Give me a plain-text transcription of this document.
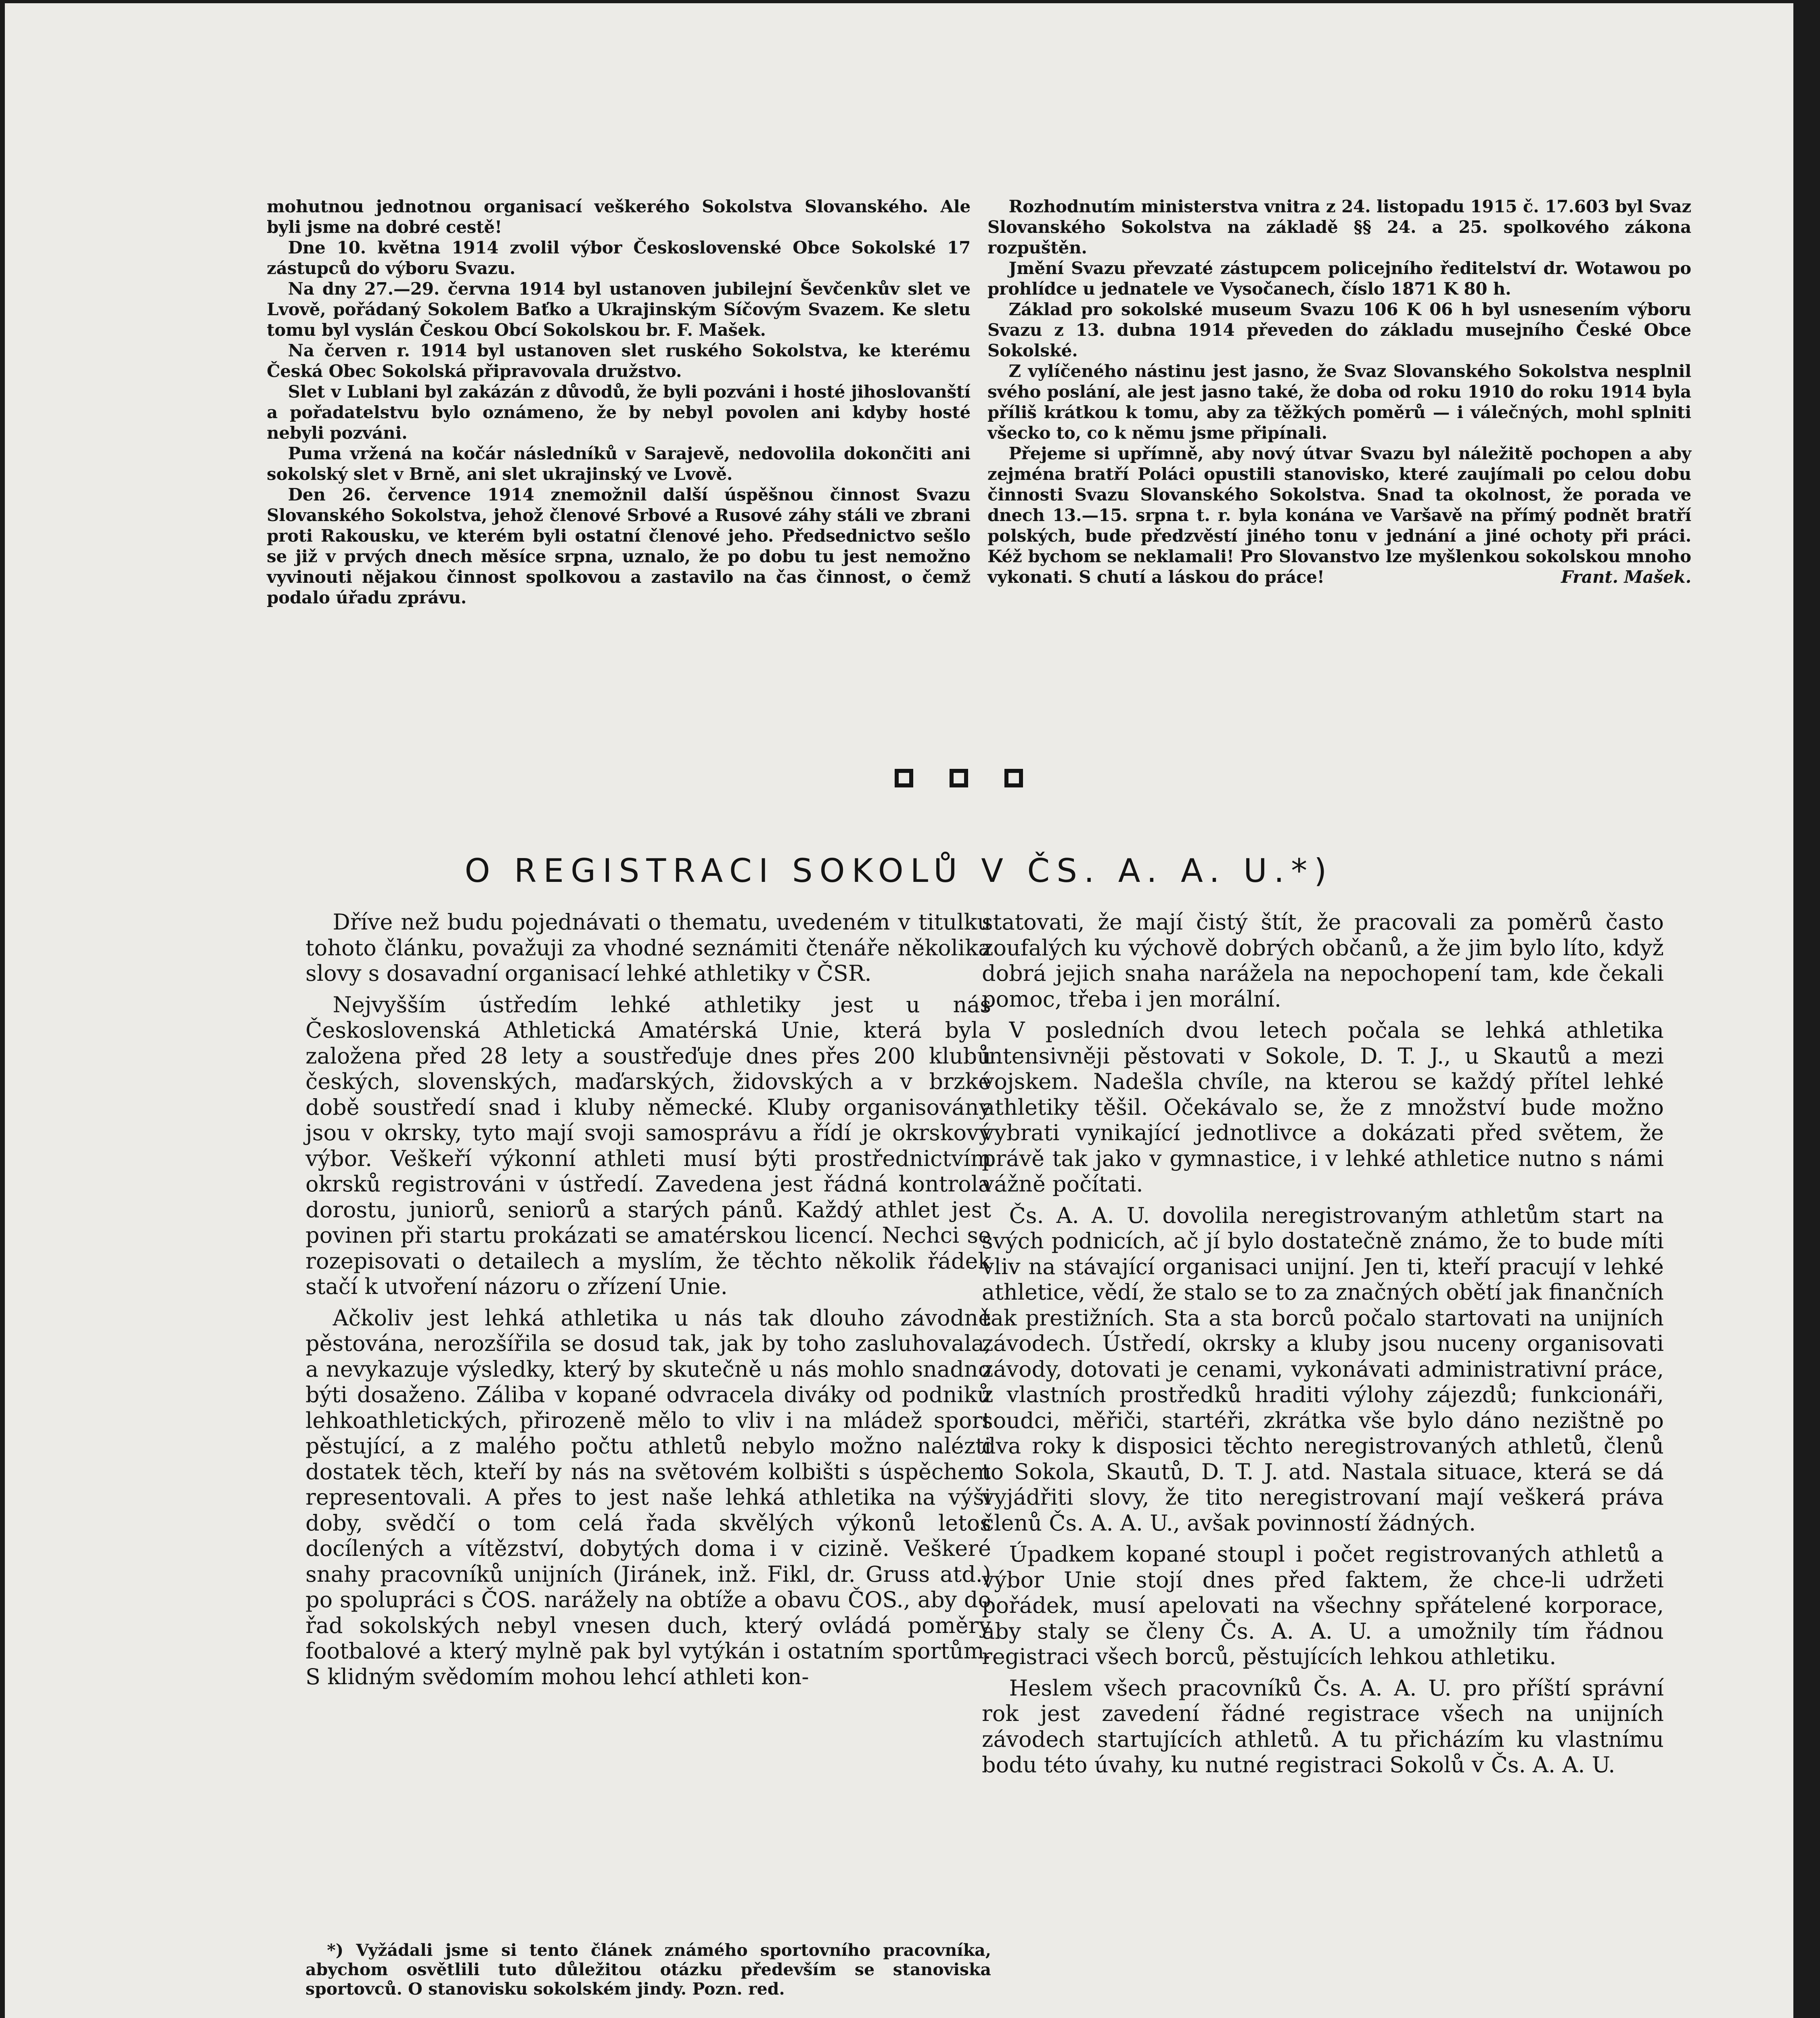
mohutnou jednotnou organisací veškerého Sokolstva Slovanského. Ale byli jsme na dobré cestě!

Dne 10. května 1914 zvolil výbor Československé Obce Sokolské 17 zástupců do výboru Svazu.

Na dny 27.—29. června 1914 byl ustanoven jubilejní Ševčenkův slet ve Lvově, pořádaný Sokolem Baťko a Ukrajinským Síčovým Svazem. Ke sletu tomu byl vyslán Českou Obcí Sokolskou br. F. Mašek.

Na červen r. 1914 byl ustanoven slet ruského Sokolstva, ke kterému Česká Obec Sokolská připravovala družstvo.

Slet v Lublani byl zakázán z důvodů, že byli pozváni i hosté jihoslovanští a pořadatelstvu bylo oznámeno, že by nebyl povolen ani kdyby hosté nebyli pozváni.

Puma vržená na kočár následníků v Sarajevě, nedovolila dokončiti ani sokolský slet v Brně, ani slet ukrajinský ve Lvově.

Den 26. července 1914 znemožnil další úspěšnou činnost Svazu Slovanského Sokolstva, jehož členové Srbové a Rusové záhy stáli ve zbrani proti Rakousku, ve kterém byli ostatní členové jeho. Předsednictvo sešlo se již v prvých dnech měsíce srpna, uznalo, že po dobu tu jest nemožno vyvinouti nějakou činnost spolkovou a zastavilo na čas činnost, o čemž podalo úřadu zprávu.

Rozhodnutím ministerstva vnitra z 24. listopadu 1915 č. 17.603 byl Svaz Slovanského Sokolstva na základě §§ 24. a 25. spolkového zákona rozpuštěn.

Jmění Svazu převzaté zástupcem policejního ředitelství dr. Wotawou po prohlídce u jednatele ve Vysočanech, číslo 1871 K 80 h.

Základ pro sokolské museum Svazu 106 K 06 h byl usnesením výboru Svazu z 13. dubna 1914 převeden do základu musejního České Obce Sokolské.

Z vylíčeného nástinu jest jasno, že Svaz Slovanského Sokolstva nesplnil svého poslání, ale jest jasno také, že doba od roku 1910 do roku 1914 byla příliš krátkou k tomu, aby za těžkých poměrů — i válečných, mohl splniti všecko to, co k němu jsme připínali.

Přejeme si upřímně, aby nový útvar Svazu byl náležitě pochopen a aby zejména bratří Poláci opustili stanovisko, které zaujímali po celou dobu činnosti Svazu Slovanského Sokolstva. Snad ta okolnost, že porada ve dnech 13.—15. srpna t. r. byla konána ve Varšavě na přímý podnět bratří polských, bude předzvěstí jiného tonu v jednání a jiné ochoty při práci. Kéž bychom se neklamali! Pro Slovanstvo lze myšlenkou sokolskou mnoho vykonati. S chutí a láskou do práce!	Frant. Mašek.
O REGISTRACI SOKOLŮ V ČS. A. A. U.*)

Dříve než budu pojednávati o thematu, uvedeném v titulku tohoto článku, považuji za vhodné seznámiti čtenáře několika slovy s dosavadní organisací lehké athletiky v ČSR.

Nejvyšším ústředím lehké athletiky jest u nás Československá Athletická Amatérská Unie, která byla založena před 28 lety a soustřeďuje dnes přes 200 klubů českých, slovenských, maďarských, židovských a v brzké době soustředí snad i kluby německé. Kluby organisovány jsou v okrsky, tyto mají svoji samosprávu a řídí je okrskový výbor. Veškeří výkonní athleti musí býti prostřednictvím okrsků registrováni v ústředí. Zavedena jest řádná kontrola dorostu, juniorů, seniorů a starých pánů. Každý athlet jest povinen při startu prokázati se amatérskou licencí. Nechci se rozepisovati o detailech a myslím, že těchto několik řádek stačí k utvoření názoru o zřízení Unie.

Ačkoliv jest lehká athletika u nás tak dlouho závodně pěstována, nerozšířila se dosud tak, jak by toho zasluhovala, a nevykazuje výsledky, který by skutečně u nás mohlo snadno býti dosaženo. Záliba v kopané odvracela diváky od podniků lehkoathletických, přirozeně mělo to vliv i na mládež sport pěstující, a z malého počtu athletů nebylo možno nalézti dostatek těch, kteří by nás na světovém kolbišti s úspěchem representovali. A přes to jest naše lehká athletika na výši doby, svědčí o tom celá řada skvělých výkonů letos docílených a vítězství, dobytých doma i v cizině. Veškeré snahy pracovníků unijních (Jiránek, inž. Fikl, dr. Gruss atd.) po spolupráci s ČOS. narážely na obtíže a obavu ČOS., aby do řad sokolských nebyl vnesen duch, který ovládá poměry footbalové a který mylně pak byl vytýkán i ostatním sportům. S klidným svědomím mohou lehcí athleti kon-

statovati, že mají čistý štít, že pracovali za poměrů často zoufalých ku výchově dobrých občanů, a že jim bylo líto, když dobrá jejich snaha narážela na nepochopení tam, kde čekali pomoc, třeba i jen morální.

V posledních dvou letech počala se lehká athletika intensivněji pěstovati v Sokole, D. T. J., u Skautů a mezi vojskem. Nadešla chvíle, na kterou se každý přítel lehké athletiky těšil. Očekávalo se, že z množství bude možno vybrati vynikající jednotlivce a dokázati před světem, že právě tak jako v gymnastice, i v lehké athletice nutno s námi vážně počítati.

Čs. A. A. U. dovolila neregistrovaným athletům start na svých podnicích, ač jí bylo dostatečně známo, že to bude míti vliv na stávající organisaci unijní. Jen ti, kteří pracují v lehké athletice, vědí, že stalo se to za značných obětí jak finančních tak prestižních. Sta a sta borců počalo startovati na unijních závodech. Ústředí, okrsky a kluby jsou nuceny organisovati závody, dotovati je cenami, vykonávati administrativní práce, z vlastních prostředků hraditi výlohy zájezdů; funkcionáři, soudci, měřiči, startéři, zkrátka vše bylo dáno nezištně po dva roky k disposici těchto neregistrovaných athletů, členů to Sokola, Skautů, D. T. J. atd. Nastala situace, která se dá vyjádřiti slovy, že tito neregistrovaní mají veškerá práva členů Čs. A. A. U., avšak povinností žádných.

Úpadkem kopané stoupl i počet registrovaných athletů a výbor Unie stojí dnes před faktem, že chce-li udržeti pořádek, musí apelovati na všechny spřátelené korporace, aby staly se členy Čs. A. A. U. a umožnily tím řádnou registraci všech borců, pěstujících lehkou athletiku.

Heslem všech pracovníků Čs. A. A. U. pro příští správní rok jest zavedení řádné registrace všech na unijních závodech startujících athletů. A tu přicházím ku vlastnímu bodu této úvahy, ku nutné registraci Sokolů v Čs. A. A. U.

*) Vyžádali jsme si tento článek známého sportovního pracovníka, abychom osvětlili tuto důležitou otázku především se stanoviska sportovců. O stanovisku sokolském jindy. Pozn. red.
